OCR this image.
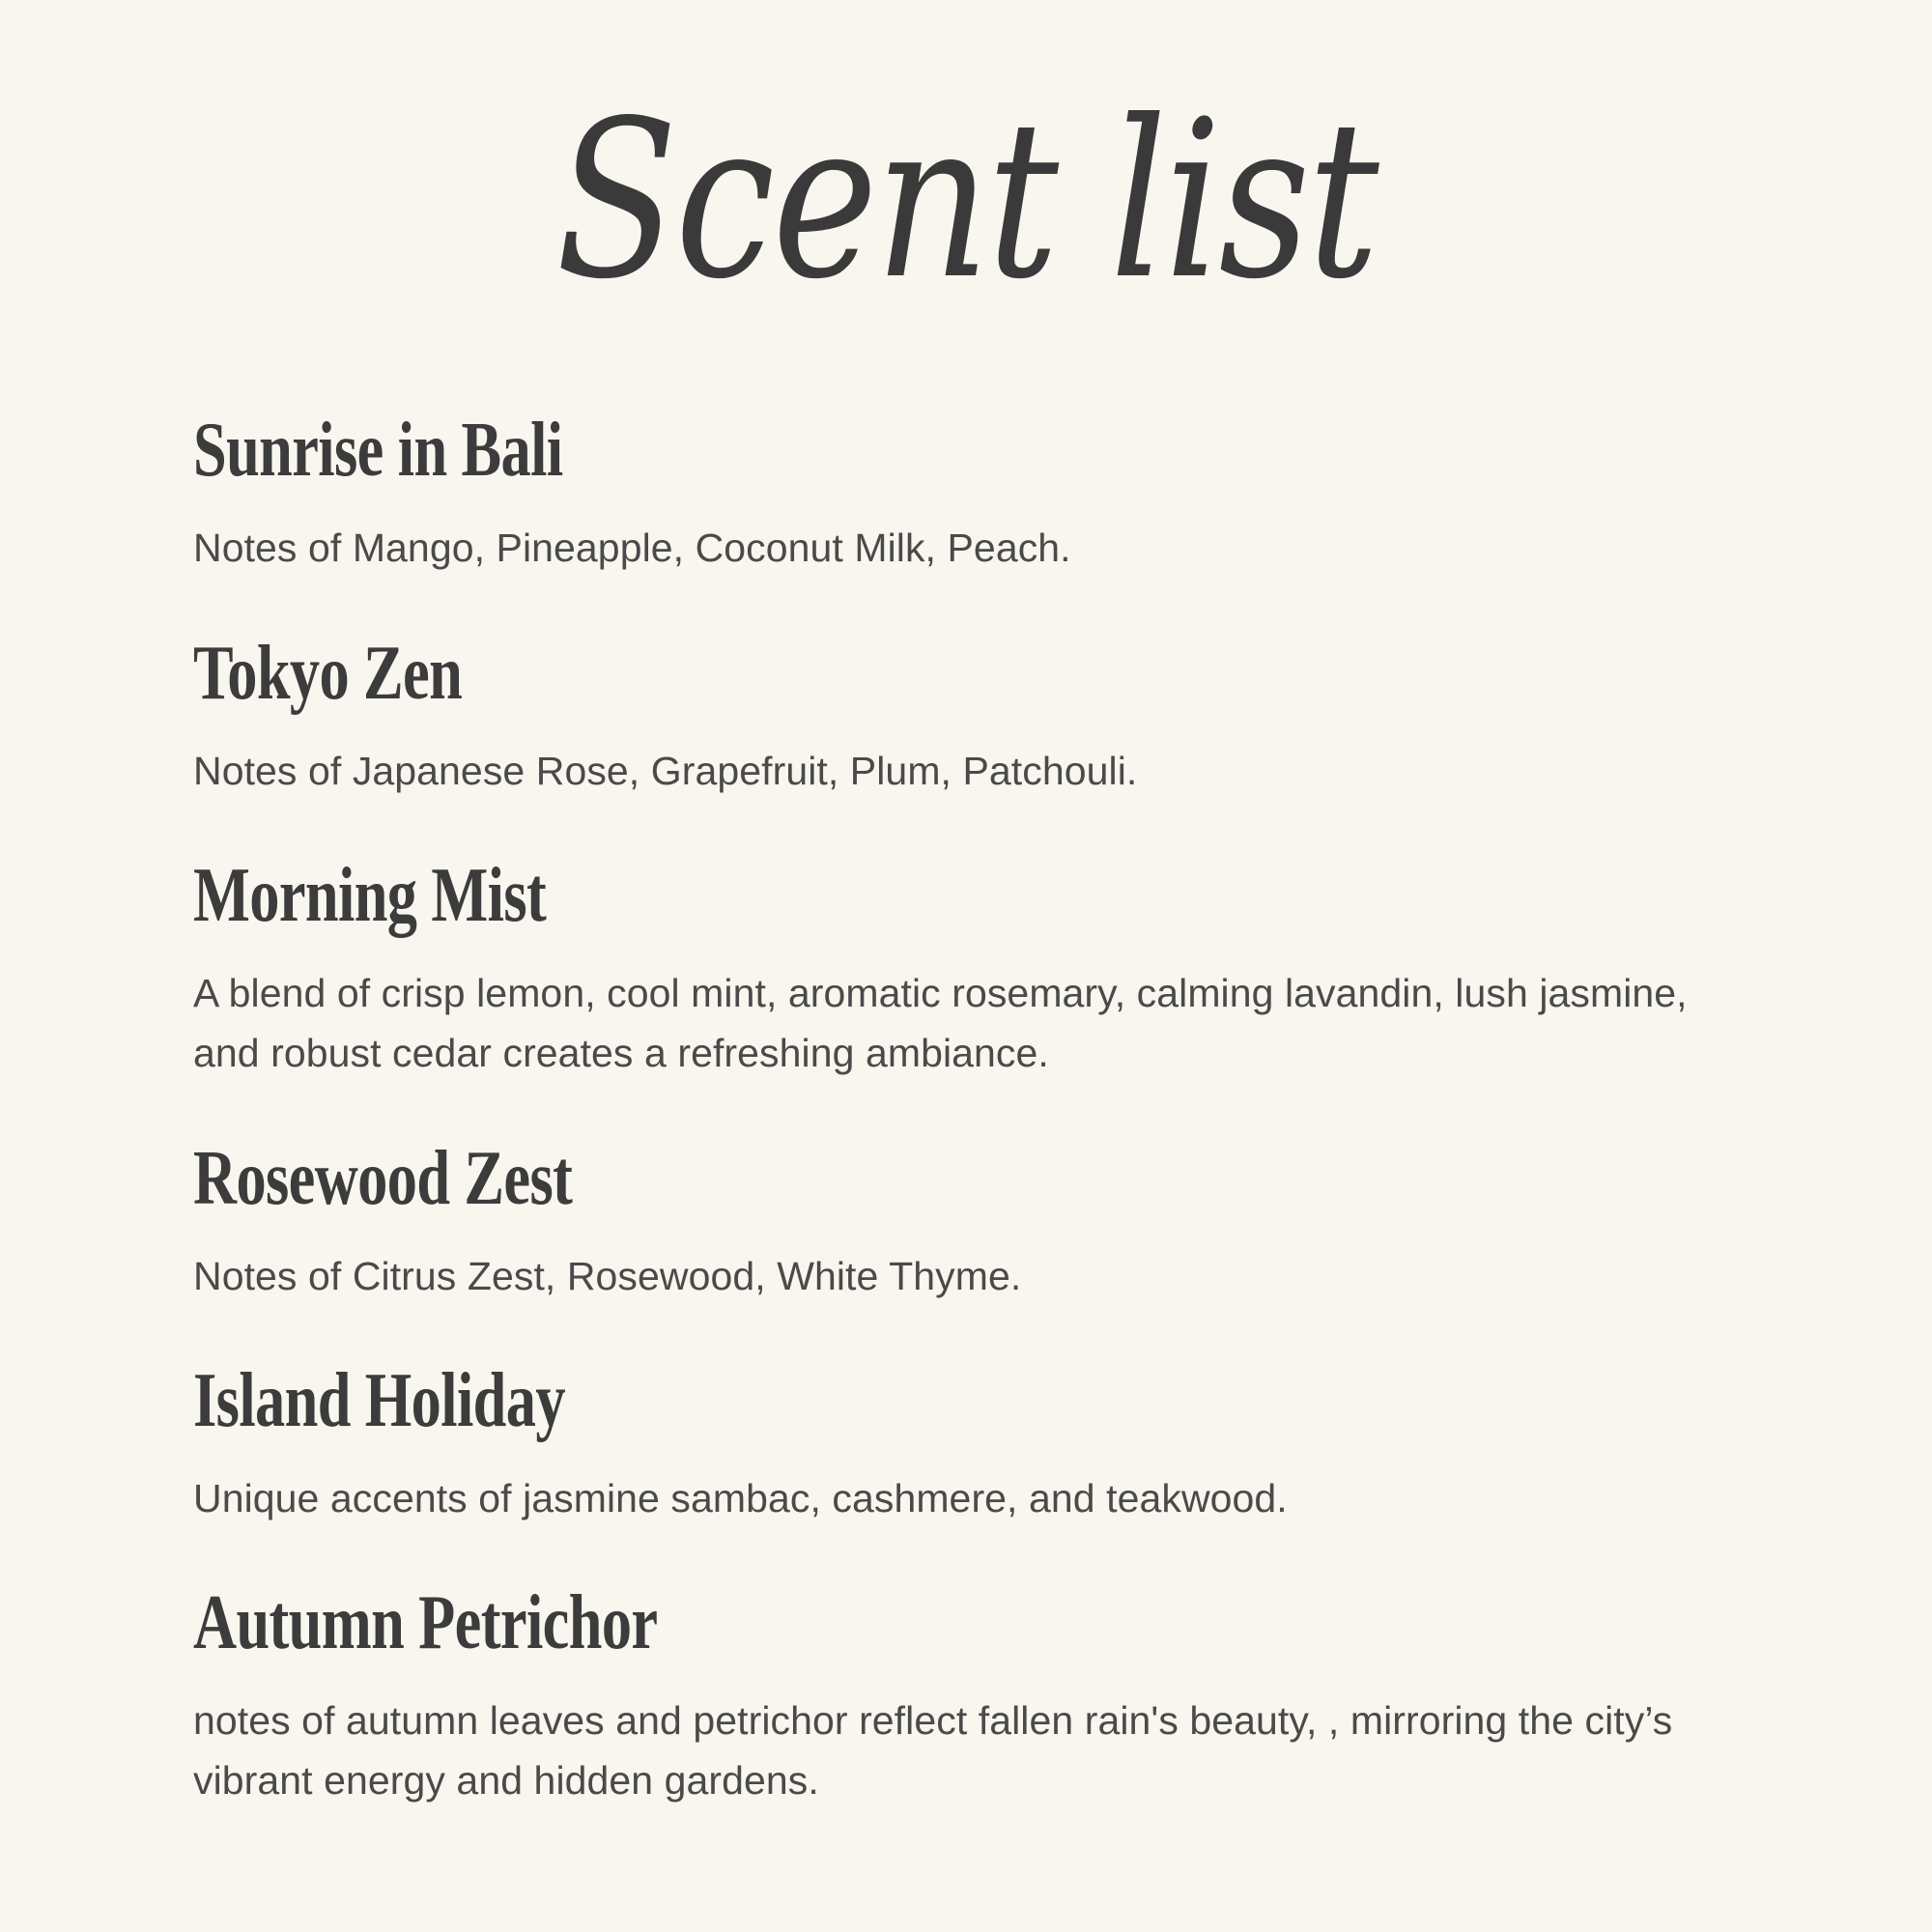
Scent list
Sunrise in Bali

Notes of Mango, Pineapple, Coconut Milk, Peach.

Tokyo Zen

Notes of Japanese Rose, Grapefruit, Plum, Patchouli.

Morning Mist

A blend of crisp lemon, cool mint, aromatic rosemary, calming lavandin, lush jasmine, and robust cedar creates a refreshing ambiance.

Rosewood Zest

Notes of Citrus Zest, Rosewood, White Thyme.

Island Holiday

Unique accents of jasmine sambac, cashmere, and teakwood.

Autumn Petrichor

notes of autumn leaves and petrichor reflect fallen rain's beauty, , mirroring the city’s vibrant energy and hidden gardens.
